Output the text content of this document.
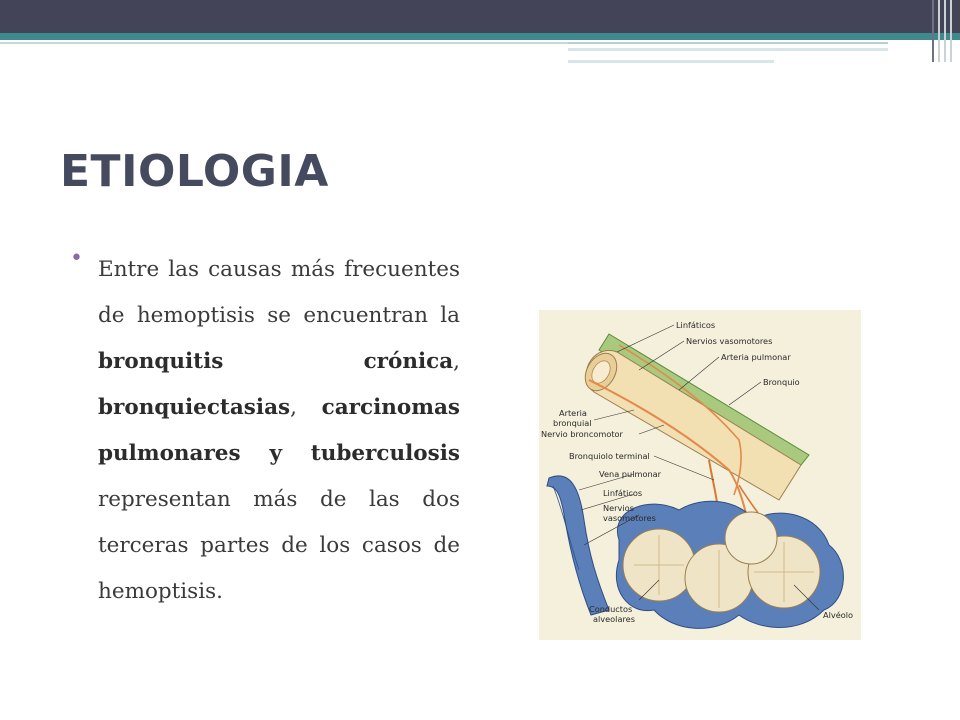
ETIOLOGIA
• Entre las causas más frecuentes de hemoptisis se encuentran la bronquitis crónica, bronquiectasias, carcinomas pulmonares y tuberculosis representan más de las dos terceras partes de los casos de hemoptisis.

Linfáticos
Nervios vasomotores
Arteria pulmonar
Bronquio
Arteria
bronquial
Nervio broncomotor
Bronquiolo terminal
Vena pulmonar
Linfáticos
Nervios
vasomotores
Conductos
alveolares	Alvéolo
